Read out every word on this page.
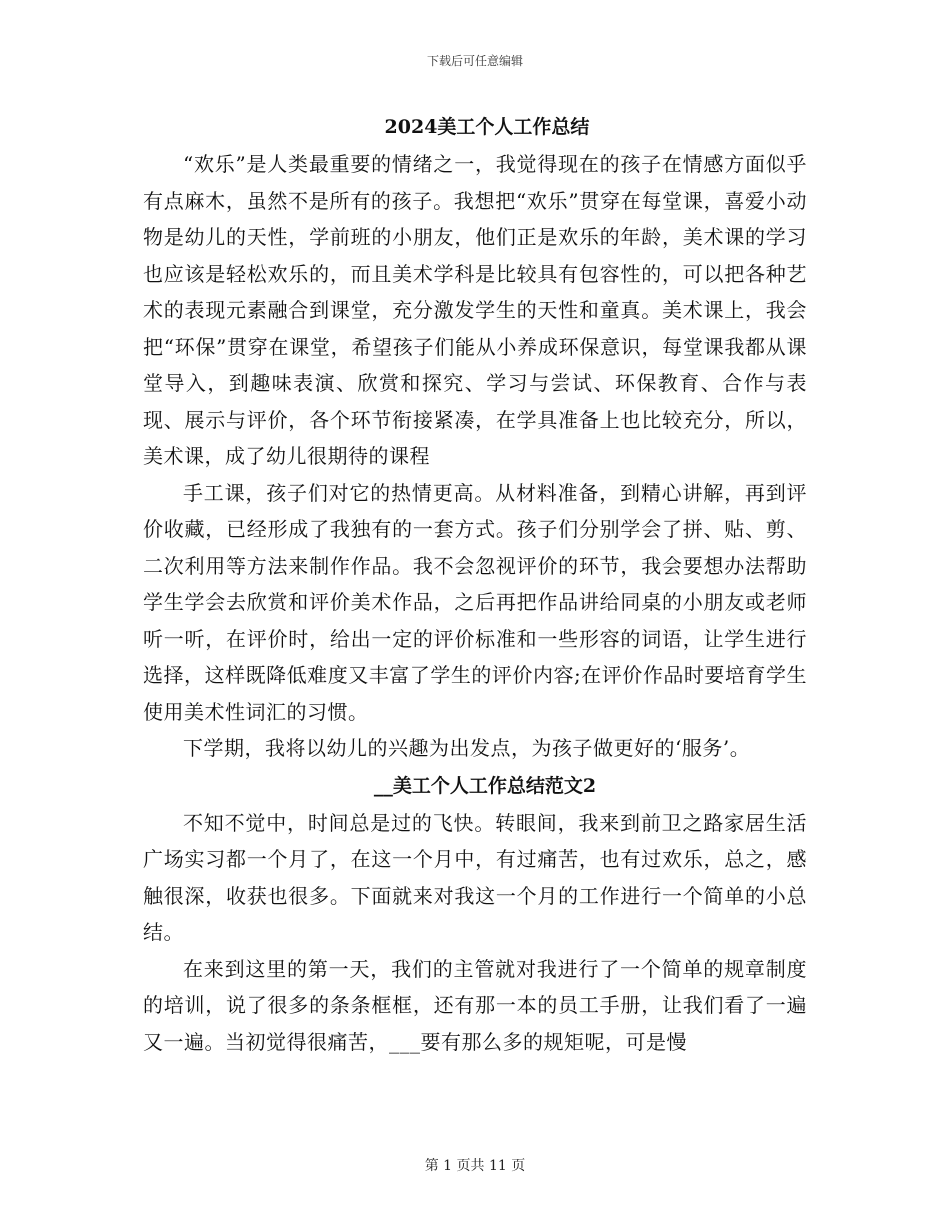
下载后可任意编辑
2024美工个人工作总结

“欢乐”是人类最重要的情绪之一，我觉得现在的孩子在情感方面似乎有点麻木，虽然不是所有的孩子。我想把“欢乐”贯穿在每堂课，喜爱小动物是幼儿的天性，学前班的小朋友，他们正是欢乐的年龄，美术课的学习也应该是轻松欢乐的，而且美术学科是比较具有包容性的，可以把各种艺术的表现元素融合到课堂，充分激发学生的天性和童真。美术课上，我会把“环保”贯穿在课堂，希望孩子们能从小养成环保意识，每堂课我都从课堂导入，到趣味表演、欣赏和探究、学习与尝试、环保教育、合作与表现、展示与评价，各个环节衔接紧凑，在学具准备上也比较充分，所以，美术课，成了幼儿很期待的课程

手工课，孩子们对它的热情更高。从材料准备，到精心讲解，再到评价收藏，已经形成了我独有的一套方式。孩子们分别学会了拼、贴、剪、二次利用等方法来制作作品。我不会忽视评价的环节，我会要想办法帮助学生学会去欣赏和评价美术作品，之后再把作品讲给同桌的小朋友或老师听一听，在评价时，给出一定的评价标准和一些形容的词语，让学生进行选择，这样既降低难度又丰富了学生的评价内容;在评价作品时要培育学生使用美术性词汇的习惯。

下学期，我将以幼儿的兴趣为出发点，为孩子做更好的‘服务’。

__美工个人工作总结范文2

不知不觉中，时间总是过的飞快。转眼间，我来到前卫之路家居生活广场实习都一个月了，在这一个月中，有过痛苦，也有过欢乐，总之，感触很深，收获也很多。下面就来对我这一个月的工作进行一个简单的小总结。

在来到这里的第一天，我们的主管就对我进行了一个简单的规章制度的培训，说了很多的条条框框，还有那一本的员工手册，让我们看了一遍又一遍。当初觉得很痛苦，___要有那么多的规矩呢，可是慢

第 1 页共 11 页
